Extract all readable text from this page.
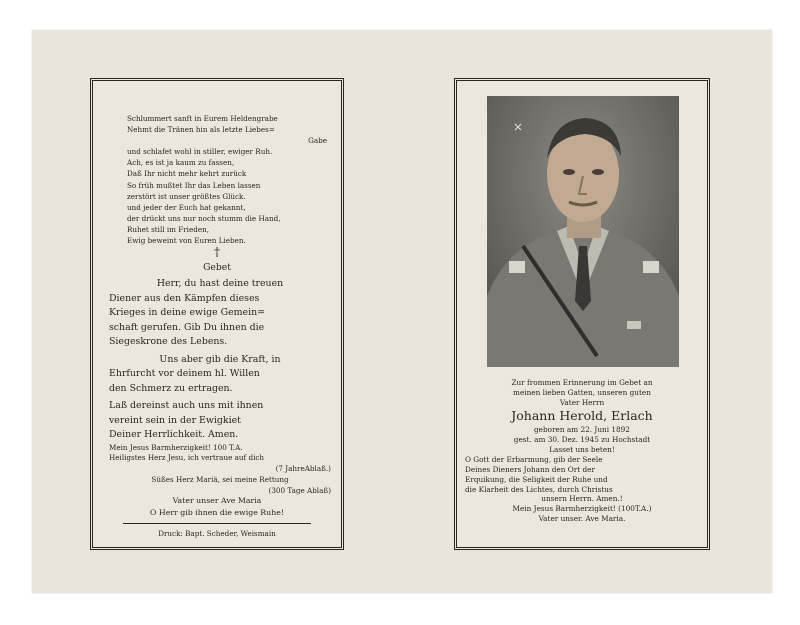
Schlummert sanft in Eurem Heldengrabe
Nehmt die Tränen hin als letzte Liebes=
Gabe
und schlafet wohl in stiller, ewiger Ruh.
Ach, es ist ja kaum zu fassen,
Daß Ihr nicht mehr kehrt zurück
So früh mußtet Ihr das Leben lassen
zerstört ist unser größtes Glück.
und jeder der Euch hat gekannt,
der drückt uns nur noch stumm die Hand,
Ruhet still im Frieden,
Ewig beweint von Euren Lieben.
†
Gebet
Herr, du hast deine treuen
Diener aus den Kämpfen dieses
Krieges in deine ewige Gemein=
schaft gerufen. Gib Du ihnen die
Siegeskrone des Lebens.
Uns aber gib die Kraft, in
Ehrfurcht vor deinem hl. Willen
den Schmerz zu ertragen.
Laß dereinst auch uns mit ihnen
vereint sein in der Ewigkiet
Deiner Herrlichkeit. Amen.
Mein Jesus Barmherzigkeit! 100 T.A.
Heiligstes Herz Jesu, ich vertraue auf dich
(7 JahreAblaß.)
Süßes Herz Mariä, sei meine Rettung
(300 Tage Ablaß)
Vater unser Ave Maria
O Herr gib ihnen die ewige Ruhe!
Druck: Bapt. Scheder, Weismain
Zur frommen Erinnerung im Gebet an
meinen lieben Gatten, unseren guten
Vater Herrn
Johann Herold, Erlach
geboren am 22. Juni 1892
gest. am 30. Dez. 1945 zu Hochstadt
Lasset uns beten!
O Gott der Erbarmung, gib der Seele
Deines Dieners Johann den Ort der
Erquikung, die Seligkeit der Ruhe und
die Klarheit des Lichtes, durch Christus
unsern Herrn. Amen.!
Mein Jesus Barmherzigkeit! (100T.A.)
Vater unser. Ave Maria.
